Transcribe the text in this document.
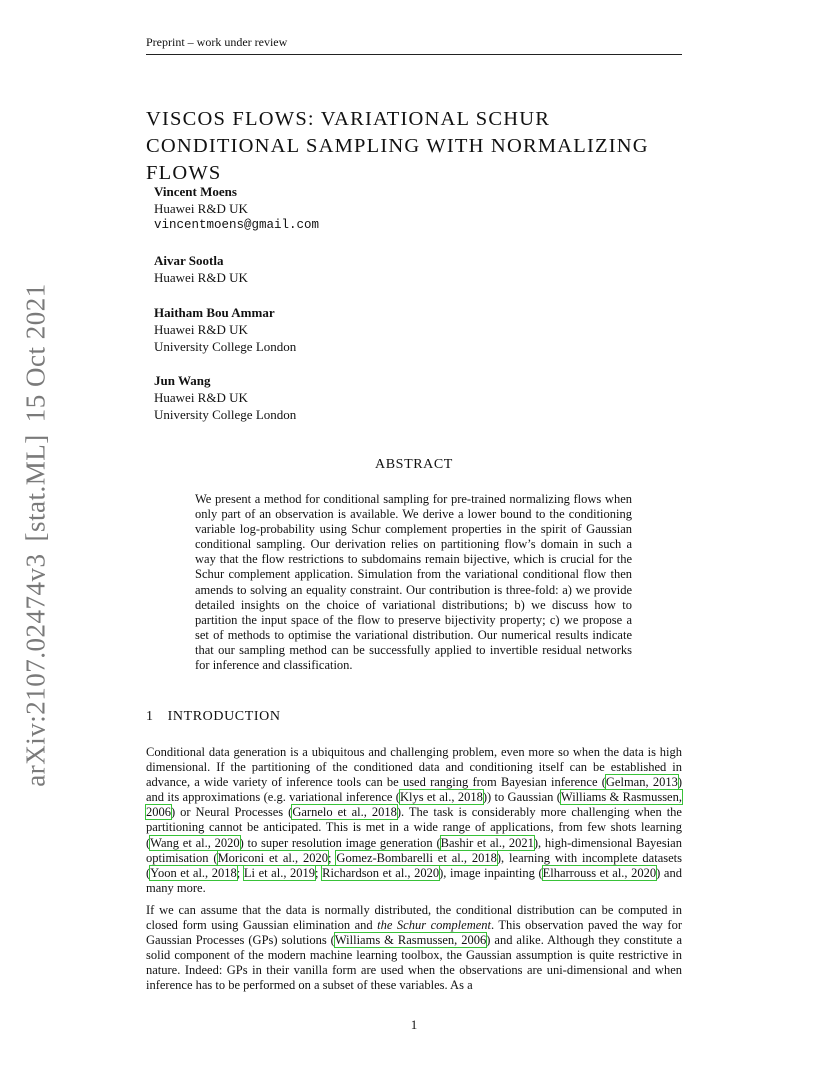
Preprint – work under review
arXiv:2107.02474v3[stat.ML]15 Oct 2021
VISCOS FLOWS: VARIATIONAL SCHUR CONDITIONAL SAMPLING WITH NORMALIZING FLOWS
Vincent Moens
Huawei R&D UK
vincentmoens@gmail.com
Aivar Sootla
Huawei R&D UK
Haitham Bou Ammar
Huawei R&D UK
University College London
Jun Wang
Huawei R&D UK
University College London
ABSTRACT
We present a method for conditional sampling for pre-trained normalizing flows when only part of an observation is available. We derive a lower bound to the conditioning variable log-probability using Schur complement properties in the spirit of Gaussian conditional sampling. Our derivation relies on partitioning flow’s domain in such a way that the flow restrictions to subdomains remain bijective, which is crucial for the Schur complement application. Simulation from the variational conditional flow then amends to solving an equality constraint. Our contribution is three-fold: a) we provide detailed insights on the choice of variational distributions; b) we discuss how to partition the input space of the flow to preserve bijectivity property; c) we propose a set of methods to optimise the variational distribution. Our numerical results indicate that our sampling method can be successfully applied to invertible residual networks for inference and classification.
1 INTRODUCTION
Conditional data generation is a ubiquitous and challenging problem, even more so when the data is high dimensional. If the partitioning of the conditioned data and conditioning itself can be established in advance, a wide variety of inference tools can be used ranging from Bayesian inference (Gelman, 2013) and its approximations (e.g. variational inference (Klys et al., 2018)) to Gaussian (Williams & Rasmussen, 2006) or Neural Processes (Garnelo et al., 2018). The task is considerably more challenging when the partitioning cannot be anticipated. This is met in a wide range of applications, from few shots learning (Wang et al., 2020) to super resolution image generation (Bashir et al., 2021), high-dimensional Bayesian optimisation (Moriconi et al., 2020; Gomez-Bombarelli et al., 2018), learning with incomplete datasets (Yoon et al., 2018; Li et al., 2019; Richardson et al., 2020), image inpainting (Elharrouss et al., 2020) and many more.
If we can assume that the data is normally distributed, the conditional distribution can be computed in closed form using Gaussian elimination and the Schur complement. This observation paved the way for Gaussian Processes (GPs) solutions (Williams & Rasmussen, 2006) and alike. Although they constitute a solid component of the modern machine learning toolbox, the Gaussian assumption is quite restrictive in nature. Indeed: GPs in their vanilla form are used when the observations are uni-dimensional and when inference has to be performed on a subset of these variables. As a
1
